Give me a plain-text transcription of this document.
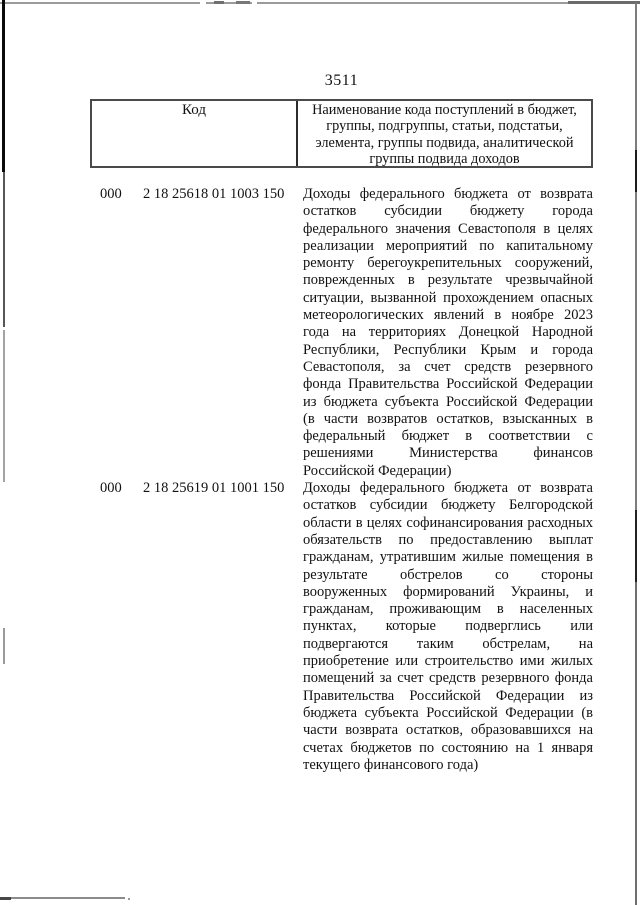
3511
Код	Наименование кода поступлений в бюджет, группы, подгруппы, статьи, подстатьи, элемента, группы подвида, аналитической группы подвида доходов
000	2 18 25618 01 1003 150 Доходы федерального бюджета от возврата остатков субсидии бюджету города федерального значения Севастополя в целях реализации мероприятий по капитальному ремонту берегоукрепительных сооружений, поврежденных в результате чрезвычайной ситуации, вызванной прохождением опасных метеорологических явлений в ноябре 2023 года на территориях Донецкой Народной Республики, Республики Крым и города Севастополя, за счет средств резервного фонда Правительства Российской Федерации из бюджета субъекта Российской Федерации (в части возвратов остатков, взысканных в федеральный бюджет в соответствии с решениями Министерства финансов Российской Федерации)
000	2 18 25619 01 1001 150 Доходы федерального бюджета от возврата остатков субсидии бюджету Белгородской области в целях софинансирования расходных обязательств по предоставлению выплат гражданам, утратившим жилые помещения в результате обстрелов со стороны вооруженных формирований Украины, и гражданам, проживающим в населенных пунктах, которые подверглись или подвергаются таким обстрелам, на приобретение или строительство ими жилых помещений за счет средств резервного фонда Правительства Российской Федерации из бюджета субъекта Российской Федерации (в части возврата остатков, образовавшихся на счетах бюджетов по состоянию на 1 января текущего финансового года)
